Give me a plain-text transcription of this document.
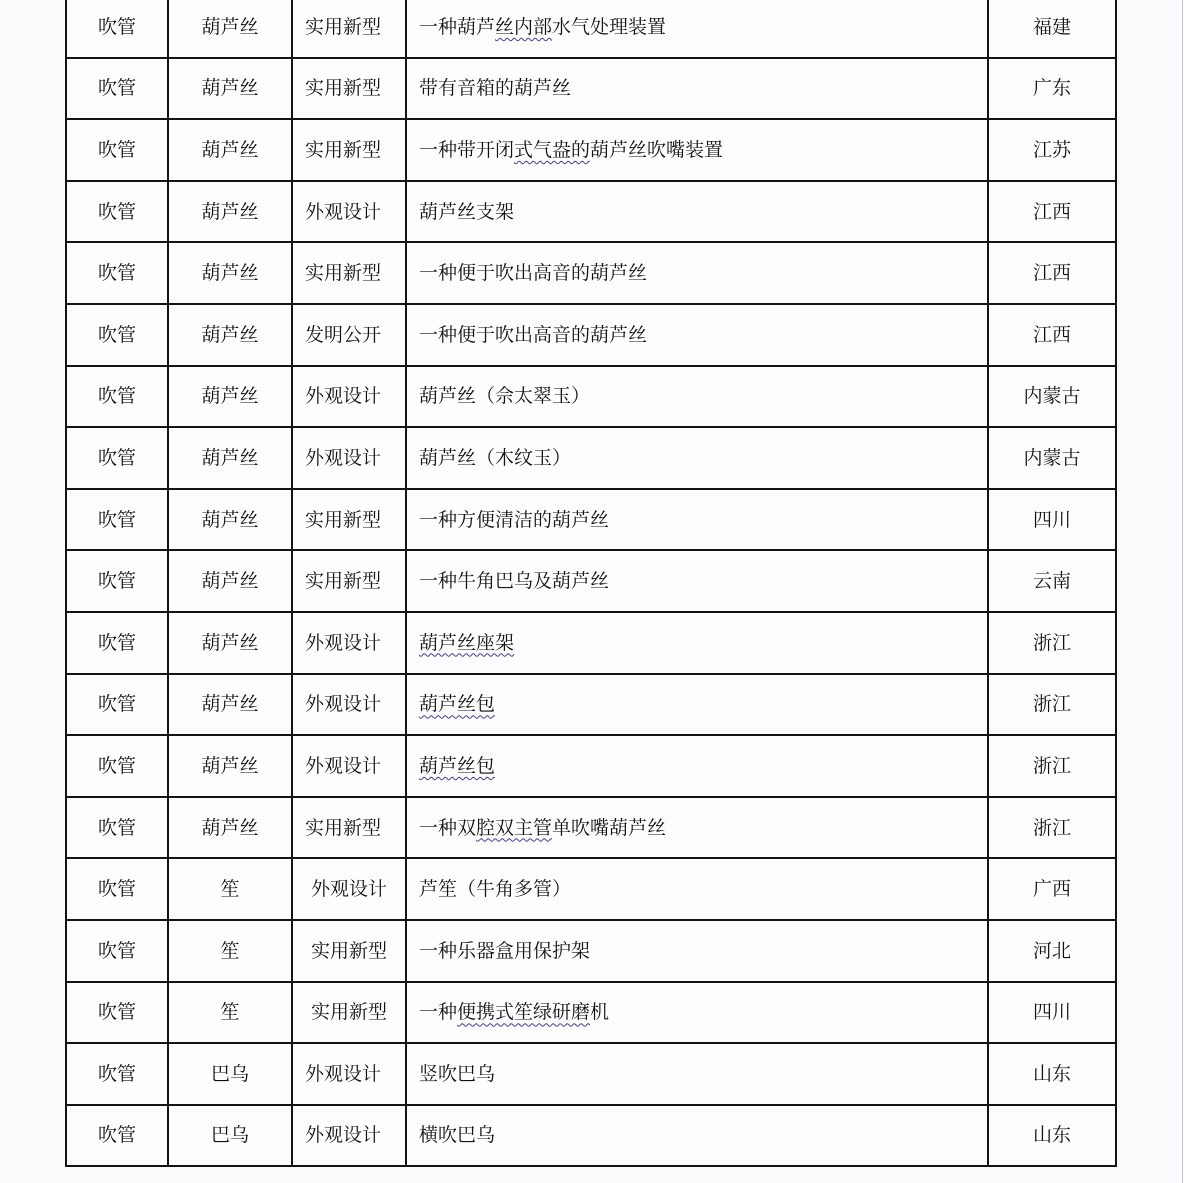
吹管	葫芦丝	实用新型	一种葫芦丝内部水气处理装置	福建
吹管	葫芦丝	实用新型	带有音箱的葫芦丝	广东
吹管	葫芦丝	实用新型	一种带开闭式气盎的葫芦丝吹嘴装置	江苏
吹管	葫芦丝	外观设计	葫芦丝支架	江西
吹管	葫芦丝	实用新型	一种便于吹出高音的葫芦丝	江西
吹管	葫芦丝	发明公开	一种便于吹出高音的葫芦丝	江西
吹管	葫芦丝	外观设计	葫芦丝（佘太翠玉）	内蒙古
吹管	葫芦丝	外观设计	葫芦丝（木纹玉）	内蒙古
吹管	葫芦丝	实用新型	一种方便清洁的葫芦丝	四川
吹管	葫芦丝	实用新型	一种牛角巴乌及葫芦丝	云南
吹管	葫芦丝	外观设计	葫芦丝座架	浙江
吹管	葫芦丝	外观设计	葫芦丝包	浙江
吹管	葫芦丝	外观设计	葫芦丝包	浙江
吹管	葫芦丝	实用新型	一种双腔双主管单吹嘴葫芦丝	浙江
吹管	笙	外观设计	芦笙（牛角多管）	广西
吹管	笙	实用新型	一种乐器盒用保护架	河北
吹管	笙	实用新型	一种便携式笙绿研磨机	四川
吹管	巴乌	外观设计	竖吹巴乌	山东
吹管	巴乌	外观设计	横吹巴乌	山东
